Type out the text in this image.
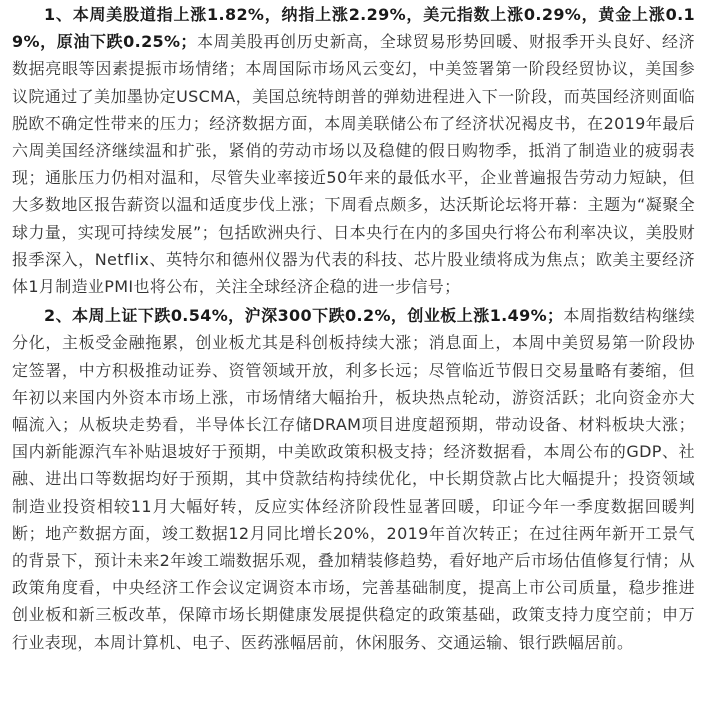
1、本周美股道指上涨1.82%，纳指上涨2.29%，美元指数上涨0.29%，黄金上涨0.19%，原油下跌0.25%；本周美股再创历史新高，全球贸易形势回暖、财报季开头良好、经济数据亮眼等因素提振市场情绪；本周国际市场风云变幻，中美签署第一阶段经贸协议，美国参议院通过了美加墨协定USCMA，美国总统特朗普的弹劾进程进入下一阶段，而英国经济则面临脱欧不确定性带来的压力；经济数据方面，本周美联储公布了经济状况褐皮书，在2019年最后六周美国经济继续温和扩张，紧俏的劳动市场以及稳健的假日购物季，抵消了制造业的疲弱表现；通胀压力仍相对温和，尽管失业率接近50年来的最低水平，企业普遍报告劳动力短缺，但大多数地区报告薪资以温和适度步伐上涨；下周看点颇多，达沃斯论坛将开幕：主题为“凝聚全球力量，实现可持续发展”；包括欧洲央行、日本央行在内的多国央行将公布利率决议，美股财报季深入，Netflix、英特尔和德州仪器为代表的科技、芯片股业绩将成为焦点；欧美主要经济体1月制造业PMI也将公布，关注全球经济企稳的进一步信号；

2、本周上证下跌0.54%，沪深300下跌0.2%，创业板上涨1.49%；本周指数结构继续分化，主板受金融拖累，创业板尤其是科创板持续大涨；消息面上，本周中美贸易第一阶段协定签署，中方积极推动证券、资管领域开放，利多长远；尽管临近节假日交易量略有萎缩，但年初以来国内外资本市场上涨，市场情绪大幅抬升，板块热点轮动，游资活跃；北向资金亦大幅流入；从板块走势看，半导体长江存储DRAM项目进度超预期，带动设备、材料板块大涨；国内新能源汽车补贴退坡好于预期，中美欧政策积极支持；经济数据看，本周公布的GDP、社融、进出口等数据均好于预期，其中贷款结构持续优化，中长期贷款占比大幅提升；投资领域制造业投资相较11月大幅好转，反应实体经济阶段性显著回暖，印证今年一季度数据回暖判断；地产数据方面，竣工数据12月同比增长20%，2019年首次转正；在过往两年新开工景气的背景下，预计未来2年竣工端数据乐观，叠加精装修趋势，看好地产后市场估值修复行情；从政策角度看，中央经济工作会议定调资本市场，完善基础制度，提高上市公司质量，稳步推进创业板和新三板改革，保障市场长期健康发展提供稳定的政策基础，政策支持力度空前；申万行业表现，本周计算机、电子、医药涨幅居前，休闲服务、交通运输、银行跌幅居前。
